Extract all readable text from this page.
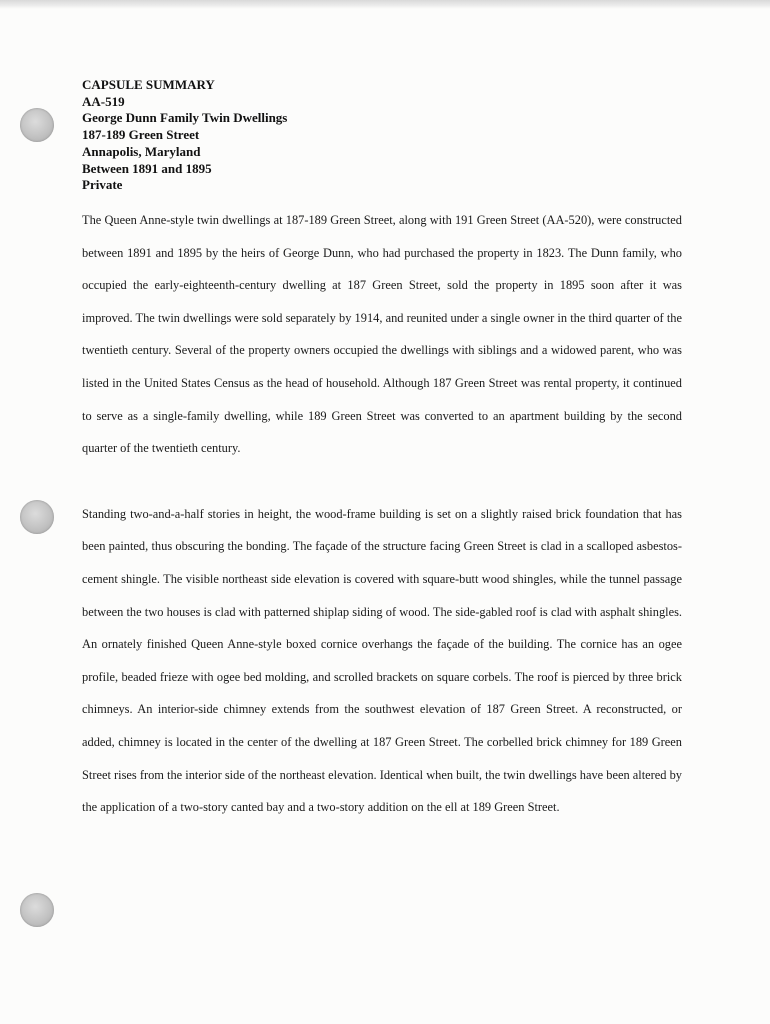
CAPSULE SUMMARY
AA-519
George Dunn Family Twin Dwellings
187-189 Green Street
Annapolis, Maryland
Between 1891 and 1895
Private

The Queen Anne-style twin dwellings at 187-189 Green Street, along with 191 Green Street (AA-520), were constructed between 1891 and 1895 by the heirs of George Dunn, who had purchased the property in 1823. The Dunn family, who occupied the early-eighteenth-century dwelling at 187 Green Street, sold the property in 1895 soon after it was improved. The twin dwellings were sold separately by 1914, and reunited under a single owner in the third quarter of the twentieth century. Several of the property owners occupied the dwellings with siblings and a widowed parent, who was listed in the United States Census as the head of household. Although 187 Green Street was rental property, it continued to serve as a single-family dwelling, while 189 Green Street was converted to an apartment building by the second quarter of the twentieth century.

Standing two-and-a-half stories in height, the wood-frame building is set on a slightly raised brick foundation that has been painted, thus obscuring the bonding. The façade of the structure facing Green Street is clad in a scalloped asbestos-cement shingle. The visible northeast side elevation is covered with square-butt wood shingles, while the tunnel passage between the two houses is clad with patterned shiplap siding of wood. The side-gabled roof is clad with asphalt shingles. An ornately finished Queen Anne-style boxed cornice overhangs the façade of the building. The cornice has an ogee profile, beaded frieze with ogee bed molding, and scrolled brackets on square corbels. The roof is pierced by three brick chimneys. An interior-side chimney extends from the southwest elevation of 187 Green Street. A reconstructed, or added, chimney is located in the center of the dwelling at 187 Green Street. The corbelled brick chimney for 189 Green Street rises from the interior side of the northeast elevation. Identical when built, the twin dwellings have been altered by the application of a two-story canted bay and a two-story addition on the ell at 189 Green Street.
